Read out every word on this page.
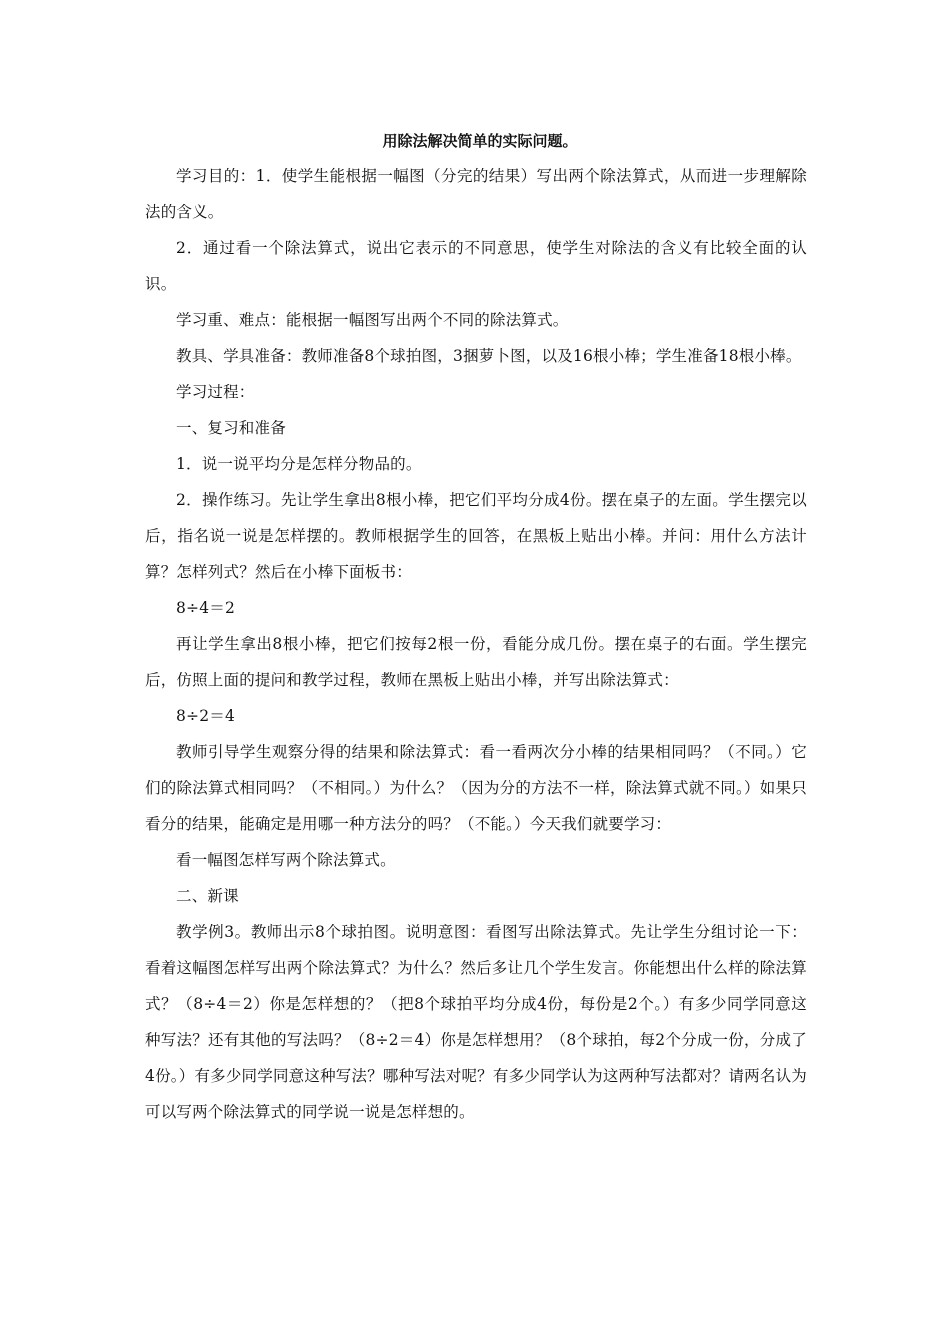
用除法解决简单的实际问题。

学习目的：1．使学生能根据一幅图（分完的结果）写出两个除法算式，从而进一步理解除法的含义。

2．通过看一个除法算式，说出它表示的不同意思，使学生对除法的含义有比较全面的认识。

学习重、难点：能根据一幅图写出两个不同的除法算式。

教具、学具准备：教师准备8个球拍图，3捆萝卜图，以及16根小棒；学生准备18根小棒。

学习过程：

一、复习和准备

1．说一说平均分是怎样分物品的。

2．操作练习。先让学生拿出8根小棒，把它们平均分成4份。摆在桌子的左面。学生摆完以后，指名说一说是怎样摆的。教师根据学生的回答，在黑板上贴出小棒。并问：用什么方法计算？怎样列式？然后在小棒下面板书：

8÷4＝2

再让学生拿出8根小棒，把它们按每2根一份，看能分成几份。摆在桌子的右面。学生摆完后，仿照上面的提问和教学过程，教师在黑板上贴出小棒，并写出除法算式：

8÷2＝4

教师引导学生观察分得的结果和除法算式：看一看两次分小棒的结果相同吗？（不同。）它们的除法算式相同吗？（不相同。）为什么？（因为分的方法不一样，除法算式就不同。）如果只看分的结果，能确定是用哪一种方法分的吗？（不能。）今天我们就要学习：

看一幅图怎样写两个除法算式。

二、新课

教学例3。教师出示8个球拍图。说明意图：看图写出除法算式。先让学生分组讨论一下：看着这幅图怎样写出两个除法算式？为什么？然后多让几个学生发言。你能想出什么样的除法算式？（8÷4＝2）你是怎样想的？（把8个球拍平均分成4份，每份是2个。）有多少同学同意这种写法？还有其他的写法吗？（8÷2＝4）你是怎样想用？（8个球拍，每2个分成一份，分成了4份。）有多少同学同意这种写法？哪种写法对呢？有多少同学认为这两种写法都对？请两名认为可以写两个除法算式的同学说一说是怎样想的。
